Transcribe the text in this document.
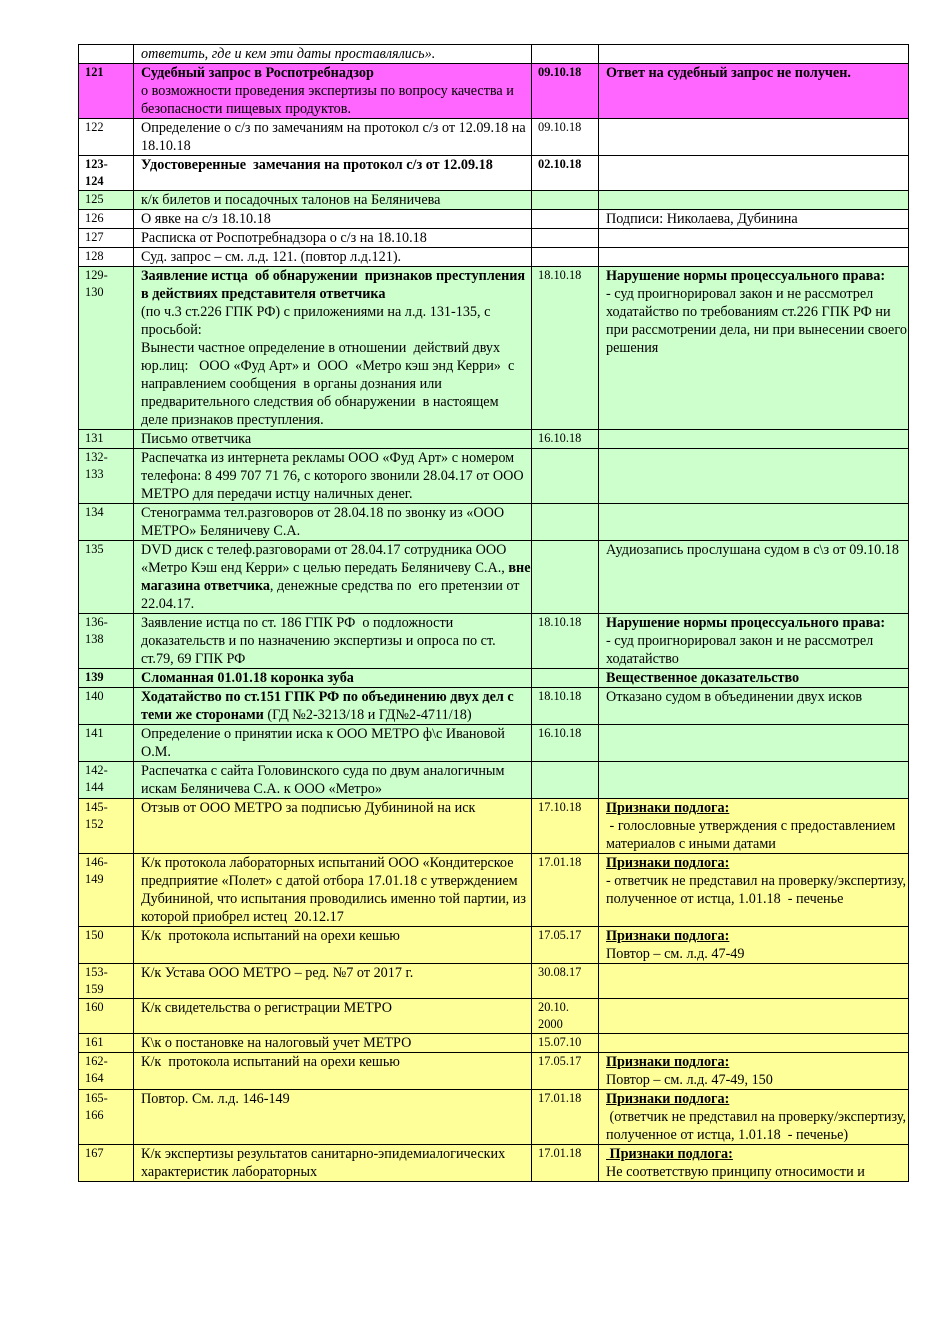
	ответить, где и кем эти даты проставлялись».		

121	Судебный запрос в Роспотребнадзор
о возможности проведения экспертизы по вопросу качества и безопасности пищевых продуктов.	09.10.18	Ответ на судебный запрос не получен.

122	Определение о с/з по замечаниям на протокол с/з от 12.09.18 на 18.10.18	09.10.18	

123-
124	Удостоверенные  замечания на протокол с/з от 12.09.18	02.10.18	

125	к/к билетов и посадочных талонов на Беляничева		

126	О явке на с/з 18.10.18		Подписи: Николаева, Дубинина

127	Расписка от Роспотребнадзора о с/з на 18.10.18		

128	Суд. запрос – см. л.д. 121. (повтор л.д.121).		

129-
130	Заявление истца  об обнаружении  признаков преступления в действиях представителя ответчика
(по ч.3 ст.226 ГПК РФ) с приложениями на л.д. 131-135, с просьбой:
Вынести частное определение в отношении  действий двух юр.лиц:   ООО «Фуд Арт» и  ООО  «Метро кэш энд Керри»  с  направлением сообщения  в органы дознания или предварительного следствия об обнаружении  в настоящем  деле признаков преступления.	18.10.18	Нарушение нормы процессуального права:
- суд проигнорировал закон и не рассмотрел ходатайство по требованиям ст.226 ГПК РФ ни при рассмотрении дела, ни при вынесении своего решения

131	Письмо ответчика	16.10.18	

132-
133	Распечатка из интернета рекламы ООО «Фуд Арт» с номером телефона: 8 499 707 71 76, с которого звонили 28.04.17 от ООО МЕТРО для передачи истцу наличных денег.		

134	Стенограмма тел.разговоров от 28.04.18 по звонку из «ООО МЕТРО» Беляничеву С.А.		

135	DVD диск с телеф.разговорами от 28.04.17 сотрудника ООО «Метро Кэш енд Керри» с целью передать Беляничеву С.А., вне магазина ответчика, денежные средства по  его претензии от 22.04.17.		Аудиозапись прослушана судом в с\з от 09.10.18

136-
138	Заявление истца по ст. 186 ГПК РФ  о подложности доказательств и по назначению экспертизы и опроса по ст. ст.79, 69 ГПК РФ	18.10.18	Нарушение нормы процессуального права:
- суд проигнорировал закон и не рассмотрел ходатайство

139	Сломанная 01.01.18 коронка зуба		Вещественное доказательство

140	Ходатайство по ст.151 ГПК РФ по объединению двух дел с теми же сторонами (ГД №2-3213/18 и ГД№2-4711/18)	18.10.18	Отказано судом в объединении двух исков

141	Определение о принятии иска к ООО МЕТРО ф\с Ивановой О.М.	16.10.18	

142-
144	Распечатка с сайта Головинского суда по двум аналогичным искам Беляничева С.А. к ООО «Метро»		

145-
152	Отзыв от ООО МЕТРО за подписью Дубининой на иск	17.10.18	Признаки подлога:
- голословные утверждения с предоставлением материалов с иными датами

146-
149	К/к протокола лабораторных испытаний ООО «Кондитерское предприятие «Полет» с датой отбора 17.01.18 с утверждением Дубининой, что испытания проводились именно той партии, из которой приобрел истец  20.12.17	17.01.18	Признаки подлога:
- ответчик не представил на проверку/экспертизу, полученное от истца, 1.01.18  - печенье

150	К/к  протокола испытаний на орехи кешью	17.05.17	Признаки подлога:
Повтор – см. л.д. 47-49

153-
159	К/к Устава ООО МЕТРО – ред. №7 от 2017 г.	30.08.17	

160	К/к свидетельства о регистрации МЕТРО	20.10.
2000	

161	К\к о постановке на налоговый учет МЕТРО	15.07.10	

162-
164	К/к  протокола испытаний на орехи кешью	17.05.17	Признаки подлога:
Повтор – см. л.д. 47-49, 150

165-
166	Повтор. См. л.д. 146-149	17.01.18	Признаки подлога:
(ответчик не представил на проверку/экспертизу, полученное от истца, 1.01.18  - печенье)

167	К/к экспертизы результатов санитарно-эпидемиалогических характеристик лабораторных	17.01.18	Признаки подлога:
Не соответствую принципу относимости и
